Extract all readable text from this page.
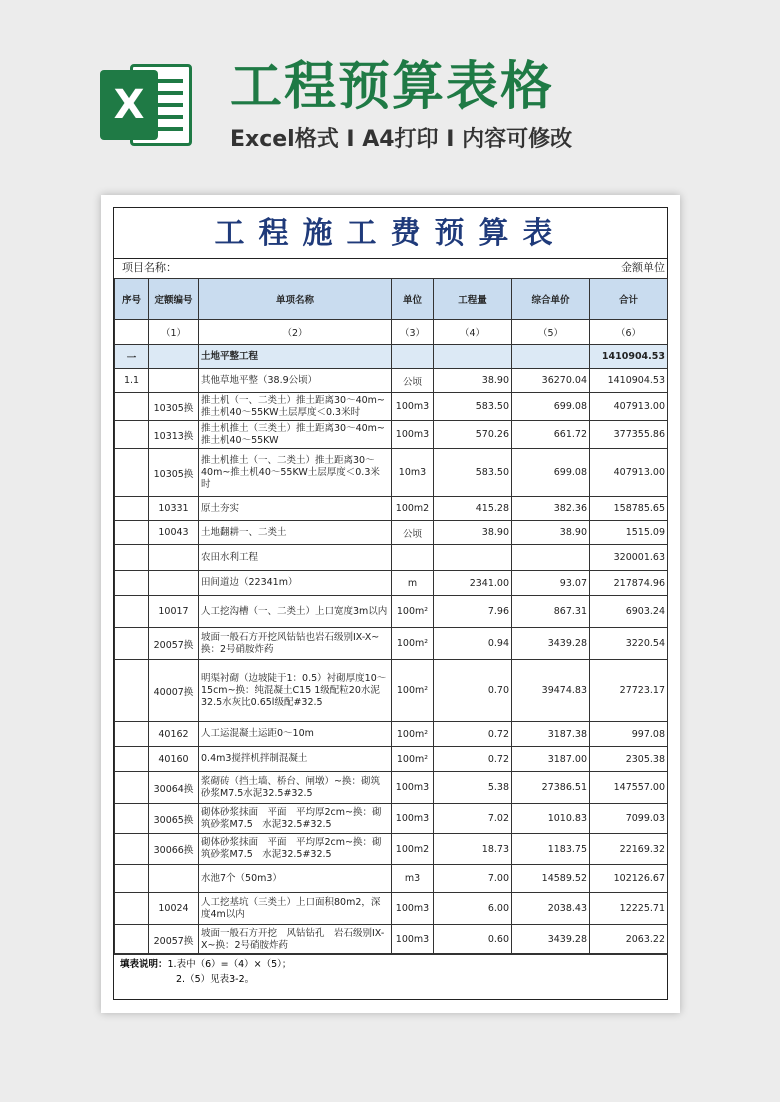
X 工程预算表格
Excel格式 I A4打印 I 内容可修改
工程施工费预算表
项目名称：	金额单位
序号	定额编号	单项名称	单位	工程量	综合单价	合计
	（1）	（2）	（3）	（4）	（5）	（6）
一		土地平整工程				1410904.53
1.1		其他草地平整（38.9公顷）	公顷	38.90	36270.04	1410904.53
	10305换	推土机（一、二类土）推土距离30～40m~推土机40～55KW土层厚度＜0.3米时	100m3	583.50	699.08	407913.00
	10313换	推土机推土（三类土）推土距离30～40m~推土机40～55KW	100m3	570.26	661.72	377355.86
	10305换	推土机推土（一、二类土）推土距离30～40m~推土机40～55KW土层厚度＜0.3米时	10m3	583.50	699.08	407913.00
	10331	原土夯实	100m2	415.28	382.36	158785.65
	10043	土地翻耕一、二类土	公顷	38.90	38.90	1515.09
		农田水利工程				320001.63
		田间道边（22341m）	m	2341.00	93.07	217874.96
	10017	人工挖沟槽（一、二类土）上口宽度3m以内	100m²	7.96	867.31	6903.24
	20057换	坡面一般石方开挖风钻钻也岩石级别IX-X~换：2号硝胺炸药	100m²	0.94	3439.28	3220.54
	40007换	明渠衬砌（边坡陡于1：0.5）衬砌厚度10～15cm~换：纯混凝土C15 1级配粒20水泥32.5水灰比0.65l级配#32.5	100m²	0.70	39474.83	27723.17
	40162	人工运混凝土运距0～10m	100m²	0.72	3187.38	997.08
	40160	0.4m3搅拌机拌制混凝土	100m²	0.72	3187.00	2305.38
	30064换	浆砌砖（挡土墙、桥台、闸墩）~换：砌筑砂浆M7.5水泥32.5#32.5	100m3	5.38	27386.51	147557.00
	30065换	砌体砂浆抹面　平面　平均厚2cm~换：砌筑砂浆M7.5　水泥32.5#32.5	100m3	7.02	1010.83	7099.03
	30066换	砌体砂浆抹面　平面　平均厚2cm~换：砌筑砂浆M7.5　水泥32.5#32.5	100m2	18.73	1183.75	22169.32
		水池7个（50m3）	m3	7.00	14589.52	102126.67
	10024	人工挖基坑（三类土）上口面积80m2，深度4m以内	100m3	6.00	2038.43	12225.71
	20057换	坡面一般石方开挖　风钻钻孔　岩石级别IX-X~换：2号硝胺炸药	100m3	0.60	3439.28	2063.22
填表说明：1.表中（6）=（4）×（5）；
2.（5）见表3-2。
